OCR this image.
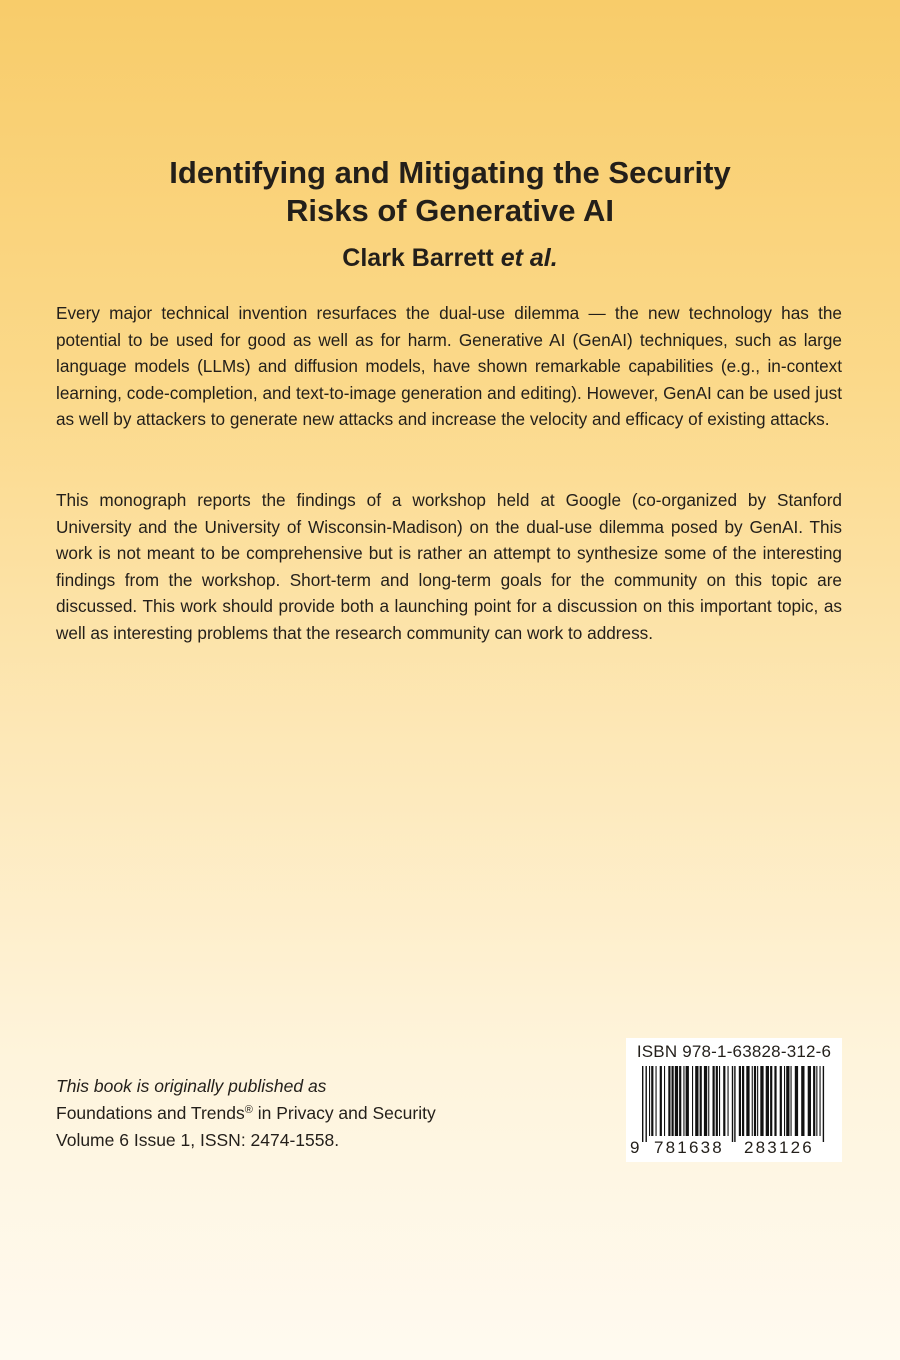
Identifying and Mitigating the Security
Risks of Generative AI
Clark Barrett et al.

Every major technical invention resurfaces the dual-use dilemma — the new technology has the potential to be used for good as well as for harm. Generative AI (GenAI) techniques, such as large language models (LLMs) and diffusion models, have shown remarkable capabilities (e.g., in-context learning, code-completion, and text-to-image generation and editing). However, GenAI can be used just as well by attackers to generate new attacks and increase the velocity and efficacy of existing attacks.

This monograph reports the findings of a workshop held at Google (co-organized by Stanford University and the University of Wisconsin-Madison) on the dual-use dilemma posed by GenAI. This work is not meant to be comprehensive but is rather an attempt to synthesize some of the interesting findings from the workshop. Short-term and long-term goals for the community on this topic are discussed. This work should provide both a launching point for a discussion on this important topic, as well as interesting problems that the research community can work to address.

This book is originally published as
Foundations and Trends® in Privacy and Security
Volume 6 Issue 1, ISSN: 2474-1558.
ISBN 978-1-63828-312-6
9 781638 283126
